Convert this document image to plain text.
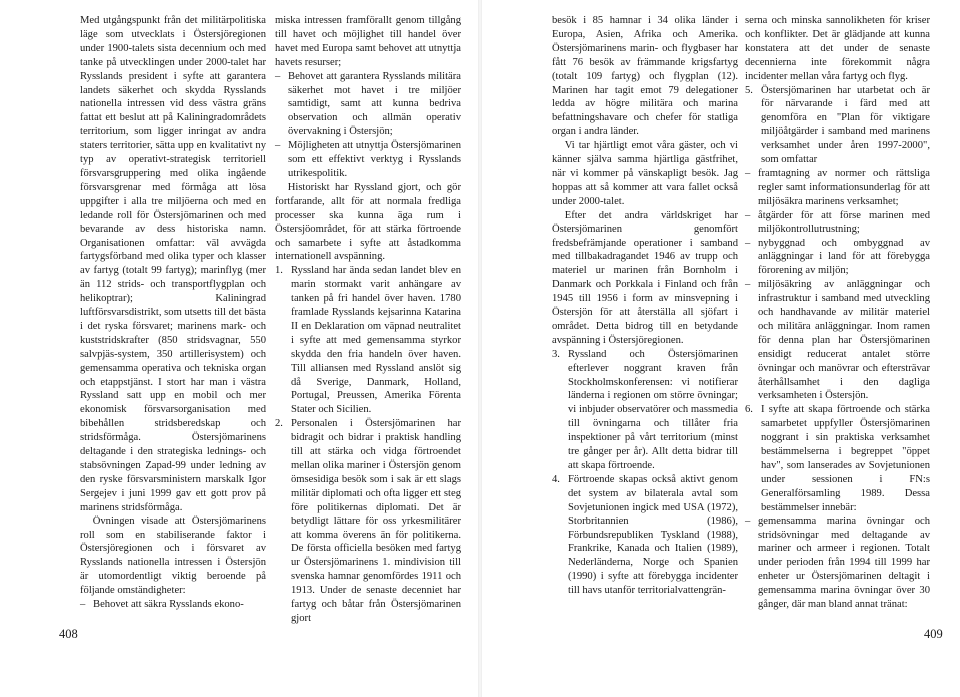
Med utgångspunkt från det militärpolitiska läge som utvecklats i Östersjöregionen under 1900-talets sista decennium och med tanke på utvecklingen under 2000-talet har Rysslands president i syfte att garantera landets säkerhet och skydda Rysslands nationella intressen vid dess västra gräns fattat ett beslut att på Kaliningradområdets territorium, som ligger inringat av andra staters territorier, sätta upp en kvalitativt ny typ av operativt-strategisk territoriell försvarsgruppering med olika ingående försvarsgrenar med förmåga att lösa uppgifter i alla tre miljöerna och med en ledande roll för Östersjömarinen och med bevarande av dess historiska namn. Organisationen omfattar: väl avvägda fartygsförband med olika typer och klasser av fartyg (totalt 99 fartyg); marinflyg (mer än 112 strids- och transportflygplan och helikoptrar); Kaliningrad luftförsvarsdistrikt, som utsetts till det bästa i det ryska försvaret; marinens mark- och kuststridskrafter (850 stridsvagnar, 550 salvpjäs-system, 350 artillerisystem) och gemensamma operativa och tekniska organ och etappstjänst. I stort har man i västra Ryssland satt upp en mobil och mer ekonomisk försvarsorganisation med bibehållen stridsberedskap och stridsförmåga. Östersjömarinens deltagande i den strategiska lednings- och stabsövningen Zapad-99 under ledning av den ryske försvarsministern marskalk Igor Sergejev i juni 1999 gav ett gott prov på marinens stridsförmåga.

Övningen visade att Östersjömarinens roll som en stabiliserande faktor i Östersjöregionen och i försvaret av Rysslands nationella intressen i Östersjön är utomordentligt viktig beroende på följande omständigheter:

– Behovet att säkra Rysslands ekono-

miska intressen framförallt genom tillgång till havet och möjlighet till handel över havet med Europa samt behovet att utnyttja havets resurser;

– Behovet att garantera Rysslands militära säkerhet mot havet i tre miljöer samtidigt, samt att kunna bedriva observation och allmän operativ övervakning i Östersjön;
– Möjligheten att utnyttja Östersjömarinen som ett effektivt verktyg i Rysslands utrikespolitik.

Historiskt har Ryssland gjort, och gör fortfarande, allt för att normala fredliga processer ska kunna äga rum i Östersjöområdet, för att stärka förtroende och samarbete i syfte att åstadkomma internationell avspänning.

1. Ryssland har ända sedan landet blev en marin stormakt varit anhängare av tanken på fri handel över haven. 1780 framlade Rysslands kejsarinna Katarina II en Deklaration om väpnad neutralitet i syfte att med gemensamma styrkor skydda den fria handeln över haven. Till alliansen med Ryssland anslöt sig då Sverige, Danmark, Holland, Portugal, Preussen, Amerika Förenta Stater och Sicilien.
2. Personalen i Östersjömarinen har bidragit och bidrar i praktisk handling till att stärka och vidga förtroendet mellan olika mariner i Östersjön genom ömsesidiga besök som i sak är ett slags militär diplomati och ofta ligger ett steg före politikernas diplomati. Det är betydligt lättare för oss yrkesmilitärer att komma överens än för politikerna. De första officiella besöken med fartyg ur Östersjömarinens 1. mindivision till svenska hamnar genomfördes 1911 och 1913. Under de senaste decenniet har fartyg och båtar från Östersjömarinen gjort
408	409

besök i 85 hamnar i 34 olika länder i Europa, Asien, Afrika och Amerika. Östersjömarinens marin- och flygbaser har fått 76 besök av främmande krigsfartyg (totalt 109 fartyg) och flygplan (12). Marinen har tagit emot 79 delegationer ledda av högre militära och marina befattningshavare och chefer för statliga organ i andra länder.

Vi tar hjärtligt emot våra gäster, och vi känner själva samma hjärtliga gästfrihet, när vi kommer på vänskapligt besök. Jag hoppas att så kommer att vara fallet också under 2000-talet.

Efter det andra världskriget har Östersjömarinen genomfört fredsbefrämjande operationer i samband med tillbakadragandet 1946 av trupp och materiel ur marinen från Bornholm i Danmark och Porkkala i Finland och från 1945 till 1956 i form av minsvepning i Östersjön för att återställa all sjöfart i området. Detta bidrog till en betydande avspänning i Östersjöregionen.

3. Ryssland och Östersjömarinen efterlever noggrant kraven från Stockholmskonferensen: vi notifierar länderna i regionen om större övningar; vi inbjuder observatörer och massmedia till övningarna och tillåter fria inspektioner på vårt territorium (minst tre gånger per år). Allt detta bidrar till att skapa förtroende.
4. Förtroende skapas också aktivt genom det system av bilaterala avtal som Sovjetunionen ingick med USA (1972), Storbritannien (1986), Förbundsrepubliken Tyskland (1988), Frankrike, Kanada och Italien (1989), Nederländerna, Norge och Spanien (1990) i syfte att förebygga incidenter till havs utanför territorialvattengrän-

serna och minska sannolikheten för kriser och konflikter. Det är glädjande att kunna konstatera att det under de senaste decennierna inte förekommit några incidenter mellan våra fartyg och flyg.

5. Östersjömarinen har utarbetat och är för närvarande i färd med att genomföra en "Plan för viktigare miljöåtgärder i samband med marinens verksamhet under åren 1997-2000", som omfattar
– framtagning av normer och rättsliga regler samt informationsunderlag för att miljösäkra marinens verksamhet;
– åtgärder för att förse marinen med miljökontrollutrustning;
– nybyggnad och ombyggnad av anläggningar i land för att förebygga förorening av miljön;
– miljösäkring av anläggningar och infrastruktur i samband med utveckling och handhavande av militär materiel och militära anläggningar. Inom ramen för denna plan har Östersjömarinen ensidigt reducerat antalet större övningar och manövrar och eftersträvar återhållsamhet i den dagliga verksamheten i Östersjön.
6. I syfte att skapa förtroende och stärka samarbetet uppfyller Östersjömarinen noggrant i sin praktiska verksamhet bestämmelserna i begreppet "öppet hav", som lanserades av Sovjetunionen under sessionen i FN:s Generalförsamling 1989. Dessa bestämmelser innebär:
– gemensamma marina övningar och stridsövningar med deltagande av mariner och armeer i regionen. Totalt under perioden från 1994 till 1999 har enheter ur Östersjömarinen deltagit i gemensamma marina övningar över 30 gånger, där man bland annat tränat:
